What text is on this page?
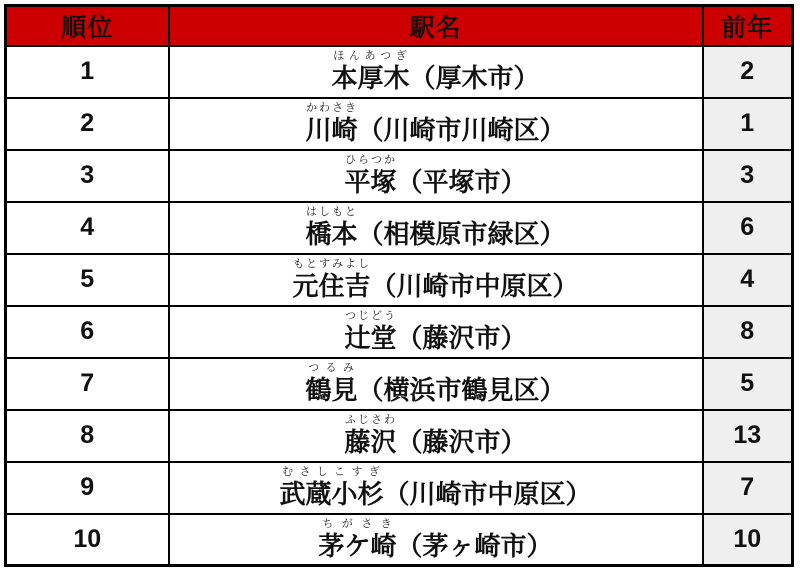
順位	駅名	前年
1	本厚木ほんあつぎ（厚木市）	2
2	川崎かわさき（川崎市川崎区）	1
3	平塚ひらつか（平塚市）	3
4	橋本はしもと（相模原市緑区）	6
5	元住吉もとすみよし（川崎市中原区）	4
6	辻堂つじどう（藤沢市）	8
7	鶴見つるみ（横浜市鶴見区）	5
8	藤沢ふじさわ（藤沢市）	13
9	武蔵小杉むさしこすぎ（川崎市中原区）	7
10	茅ケ崎ちがさき（茅ヶ崎市）	10
